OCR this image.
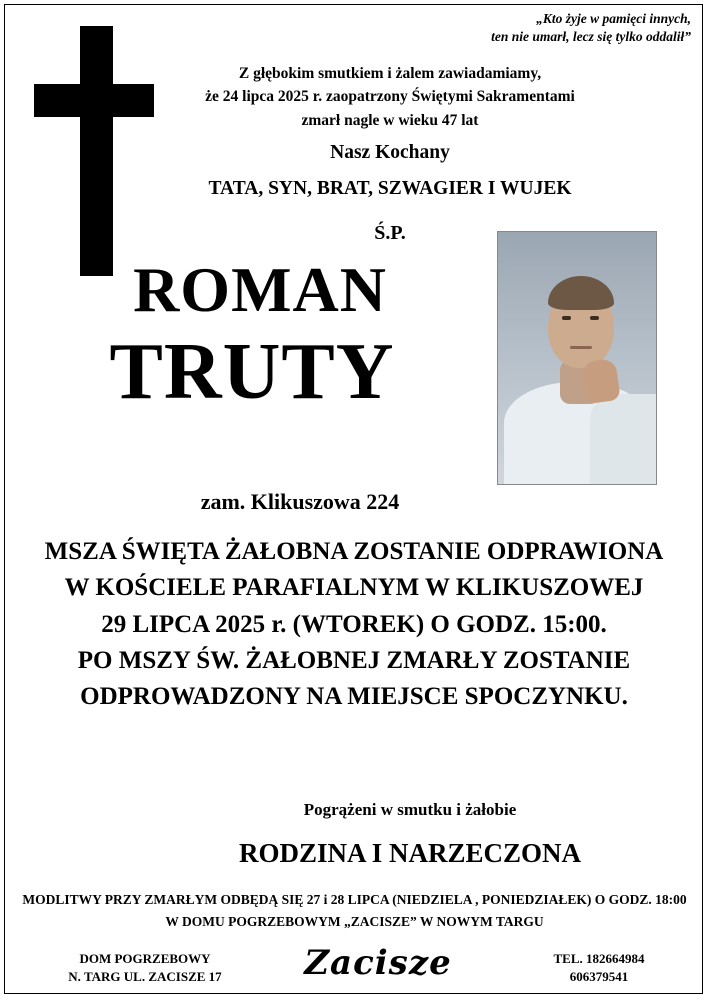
„Kto żyje w pamięci innych,
ten nie umarł, lecz się tylko oddalił”
Z głębokim smutkiem i żalem zawiadamiamy,
że 24 lipca 2025 r. zaopatrzony Świętymi Sakramentami
zmarł nagle w wieku 47 lat
Nasz Kochany
TATA, SYN, BRAT, SZWAGIER I WUJEK
Ś.P.
ROMAN
TRUTY
zam. Klikuszowa 224
MSZA ŚWIĘTA ŻAŁOBNA ZOSTANIE ODPRAWIONA
W KOŚCIELE PARAFIALNYM W KLIKUSZOWEJ
29 LIPCA 2025 r. (WTOREK) O GODZ. 15:00.
PO MSZY ŚW. ŻAŁOBNEJ ZMARŁY ZOSTANIE
ODPROWADZONY NA MIEJSCE SPOCZYNKU.
Pogrążeni w smutku i żałobie
RODZINA I NARZECZONA
MODLITWY PRZY ZMARŁYM ODBĘDĄ SIĘ 27 i 28 LIPCA (NIEDZIELA , PONIEDZIAŁEK) O GODZ. 18:00
W DOMU POGRZEBOWYM „ZACISZE” W NOWYM TARGU
DOM POGRZEBOWY
N. TARG UL. ZACISZE 17	Zacisze	TEL. 182664984
606379541
